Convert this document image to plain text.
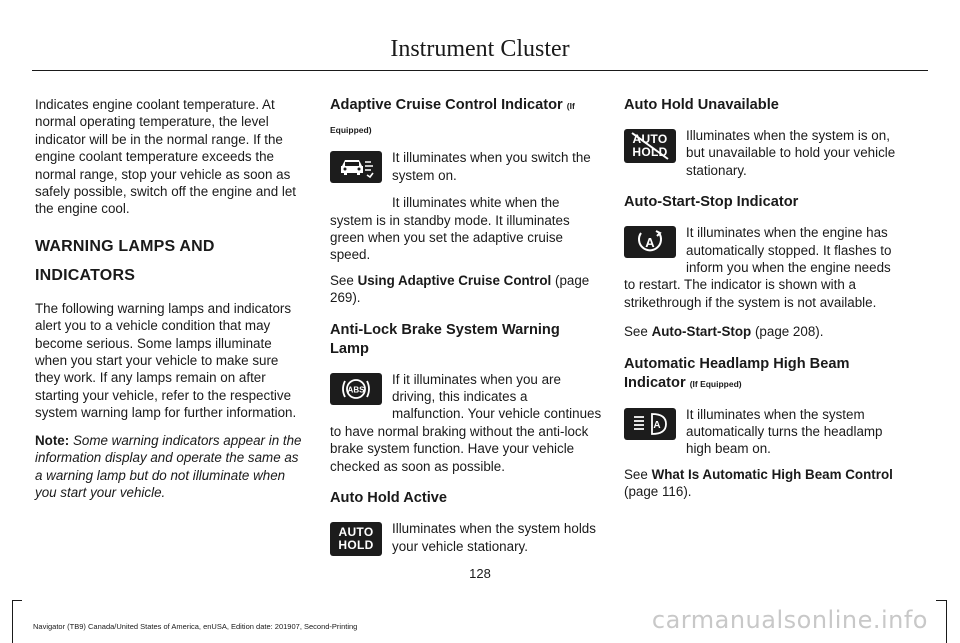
Instrument Cluster

Indicates engine coolant temperature. At normal operating temperature, the level indicator will be in the normal range. If the engine coolant temperature exceeds the normal range, stop your vehicle as soon as safely possible, switch off the engine and let the engine cool.

WARNING LAMPS AND

INDICATORS

The following warning lamps and indicators alert you to a vehicle condition that may become serious. Some lamps illuminate when you start your vehicle to make sure they work. If any lamps remain on after starting your vehicle, refer to the respective system warning lamp for further information.

Note: Some warning indicators appear in the information display and operate the same as a warning lamp but do not illuminate when you start your vehicle.

Adaptive Cruise Control Indicator (If

Equipped)

It illuminates when you switch the system on.

It illuminates white when the system is in standby mode. It illuminates green when you set the adaptive cruise speed.

See Using Adaptive Cruise Control (page 269).

Anti-Lock Brake System Warning Lamp

ABS

If it illuminates when you are driving, this indicates a malfunction. Your vehicle continues to have normal braking without the anti-lock brake system function. Have your vehicle checked as soon as possible.

Auto Hold Active

AUTO
HOLD

Illuminates when the system holds your vehicle stationary.

Auto Hold Unavailable

AUTO
HOLD

Illuminates when the system is on, but unavailable to hold your vehicle stationary.

Auto-Start-Stop Indicator

A

It illuminates when the engine has automatically stopped. It flashes to inform you when the engine needs to restart. The indicator is shown with a strikethrough if the system is not available.

See Auto-Start-Stop (page 208).

Automatic Headlamp High Beam Indicator (If Equipped)

A

It illuminates when the system automatically turns the headlamp high beam on.

See What Is Automatic High Beam Control (page 116).

128
Navigator (TB9) Canada/United States of America, enUSA, Edition date: 201907, Second-Printing	carmanualsonline.info
